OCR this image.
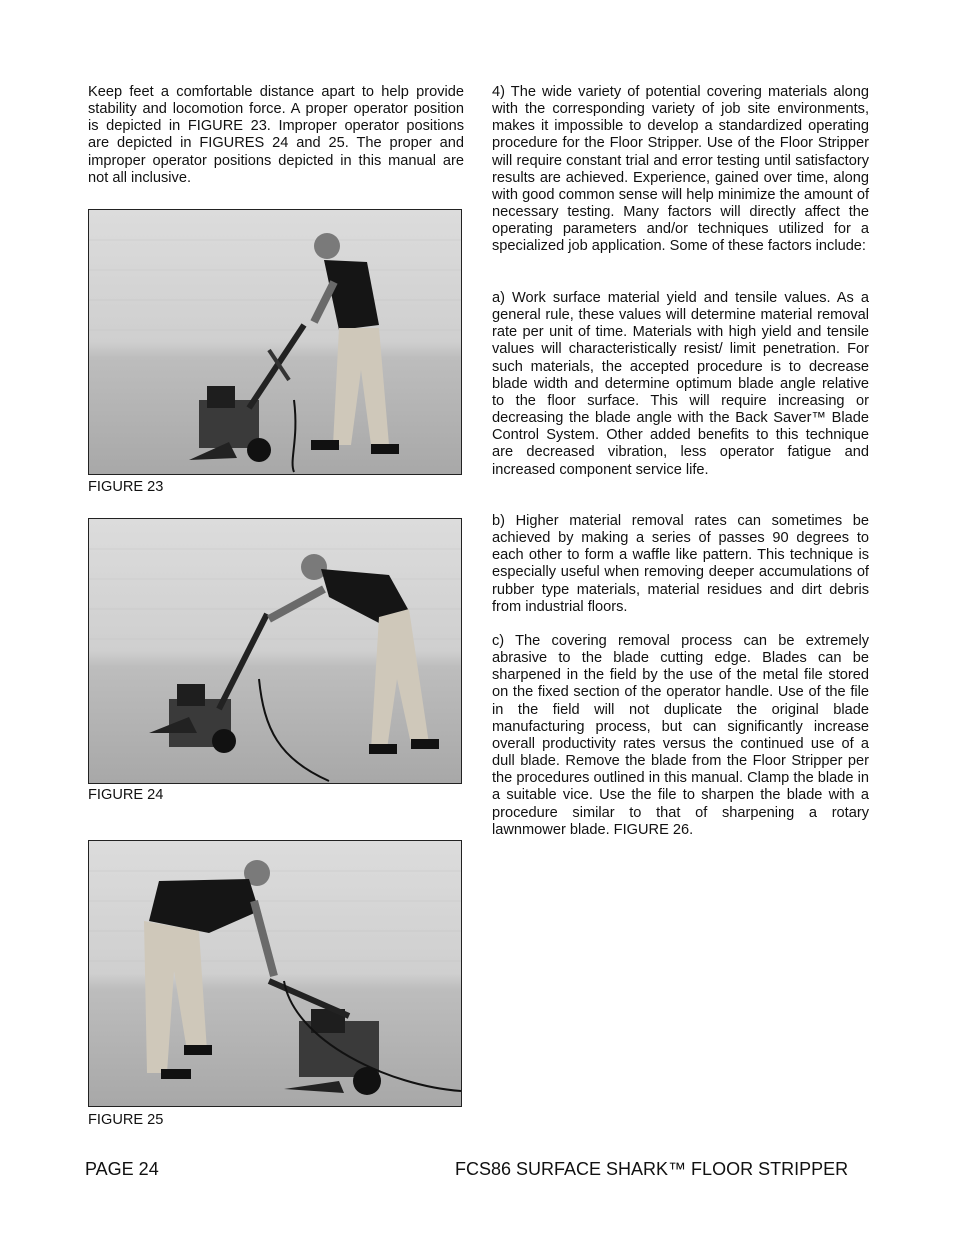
Keep feet a comfortable distance apart to help provide stability and locomotion force. A proper operator position is depicted in FIGURE 23. Improper operator positions are depicted in FIGURES 24 and 25. The proper and improper operator positions depicted in this manual are not all inclusive.

FIGURE 23
FIGURE 24
FIGURE 25

4) The wide variety of potential covering materials along with the corresponding variety of job site environments, makes it impossible to develop a standardized operating procedure for the Floor Stripper. Use of the Floor Stripper will require constant trial and error testing until satisfactory results are achieved. Experience, gained over time, along with good common sense will help minimize the amount of necessary testing. Many factors will directly affect the operating parameters and/or techniques utilized for a specialized job application. Some of these factors include:

a) Work surface material yield and tensile values. As a general rule, these values will determine material removal rate per unit of time. Materials with high yield and tensile values will characteristically resist/ limit penetration. For such materials, the accepted procedure is to decrease blade width and determine optimum blade angle relative to the floor surface. This will require increasing or decreasing the blade angle with the Back Saver™ Blade Control System. Other added benefits to this technique are decreased vibration, less operator fatigue and increased component service life.

b) Higher material removal rates can sometimes be achieved by making a series of passes 90 degrees to each other to form a waffle like pattern. This technique is especially useful when removing deeper accumulations of rubber type materials, material residues and dirt debris from industrial floors.

c) The covering removal process can be extremely abrasive to the blade cutting edge. Blades can be sharpened in the field by the use of the metal file stored on the fixed section of the operator handle. Use of the file in the field will not duplicate the original blade manufacturing process, but can significantly increase overall productivity rates versus the continued use of a dull blade. Remove the blade from the Floor Stripper per the procedures outlined in this manual. Clamp the blade in a suitable vice. Use the file to sharpen the blade with a procedure similar to that of sharpening a rotary lawnmower blade. FIGURE 26.

PAGE 24	FCS86 SURFACE SHARK™ FLOOR STRIPPER
